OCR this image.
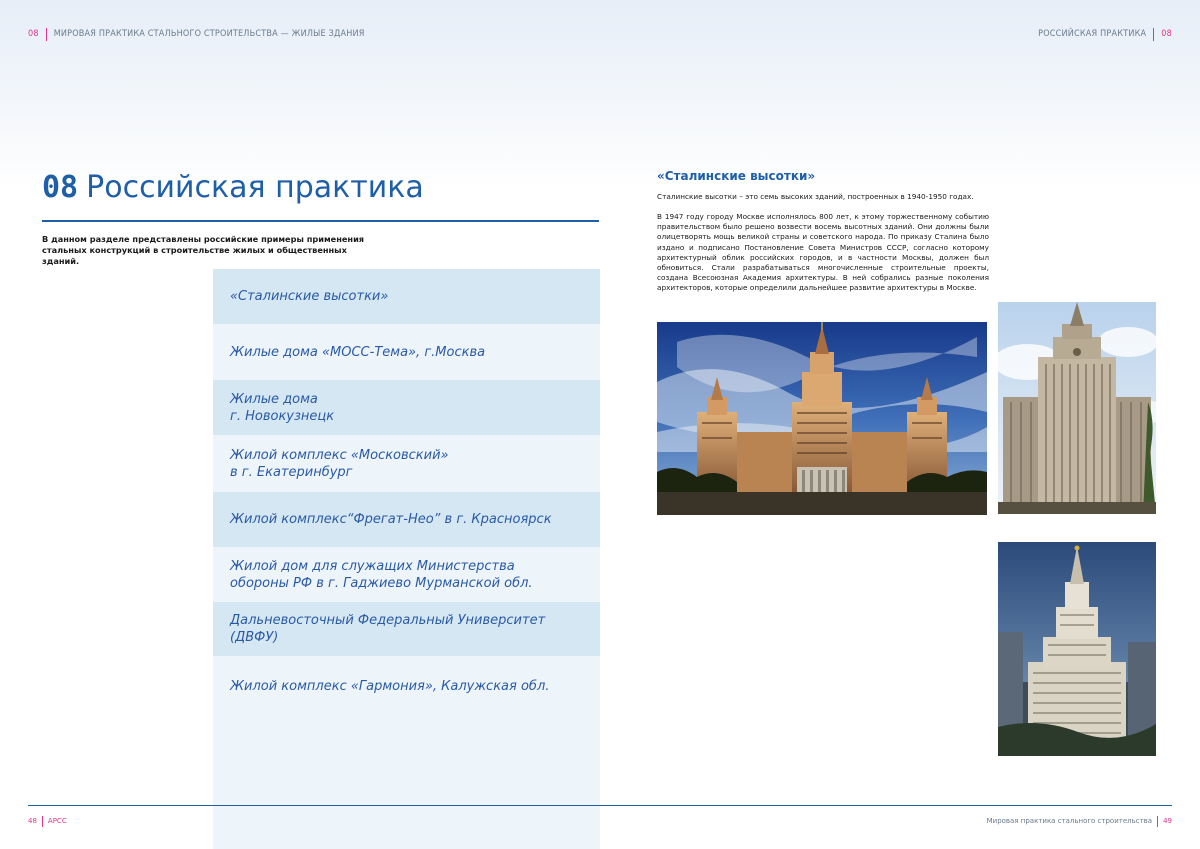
08 МИРОВАЯ ПРАКТИКА СТАЛЬНОГО СТРОИТЕЛЬСТВА — ЖИЛЫЕ ЗДАНИЯ	РОССИЙСКАЯ ПРАКТИКА 08
08 Российская практика

В данном разделе представлены российские примеры применения стальных конструкций в строительстве жилых и общественных зданий.

«Сталинские высотки»
Жилые дома «МОСС-Тема», г.Москва
Жилые дома
г. Новокузнецк
Жилой комплекс «Московский»
в г. Екатеринбург
Жилой комплекс“Фрегат-Нео” в г. Красноярск
Жилой дом для служащих Министерства
обороны РФ в г. Гаджиево Мурманской обл.
Дальневосточный Федеральный Университет
(ДВФУ)
Жилой комплекс «Гармония», Калужская обл.
«Сталинские высотки»

Сталинские высотки – это семь высоких зданий, построенных в 1940-1950 годах.

В 1947 году городу Москве исполнялось 800 лет, к этому торжественному событию правительством было решено возвести восемь высотных зданий. Они должны были олицетворять мощь великой страны и советского народа. По приказу Сталина было издано и подписано Постановление Совета Министров СССР, согласно которому архитектурный облик российских городов, и в частности Москвы, должен был обновиться. Стали разрабатываться многочисленные строительные проекты, создана Всесоюзная Академия архитектуры. В ней собрались разные поколения архитекторов, которые определили дальнейшее развитие архитектуры в Москве.

48 АРСС	Мировая практика стального строительства 49
